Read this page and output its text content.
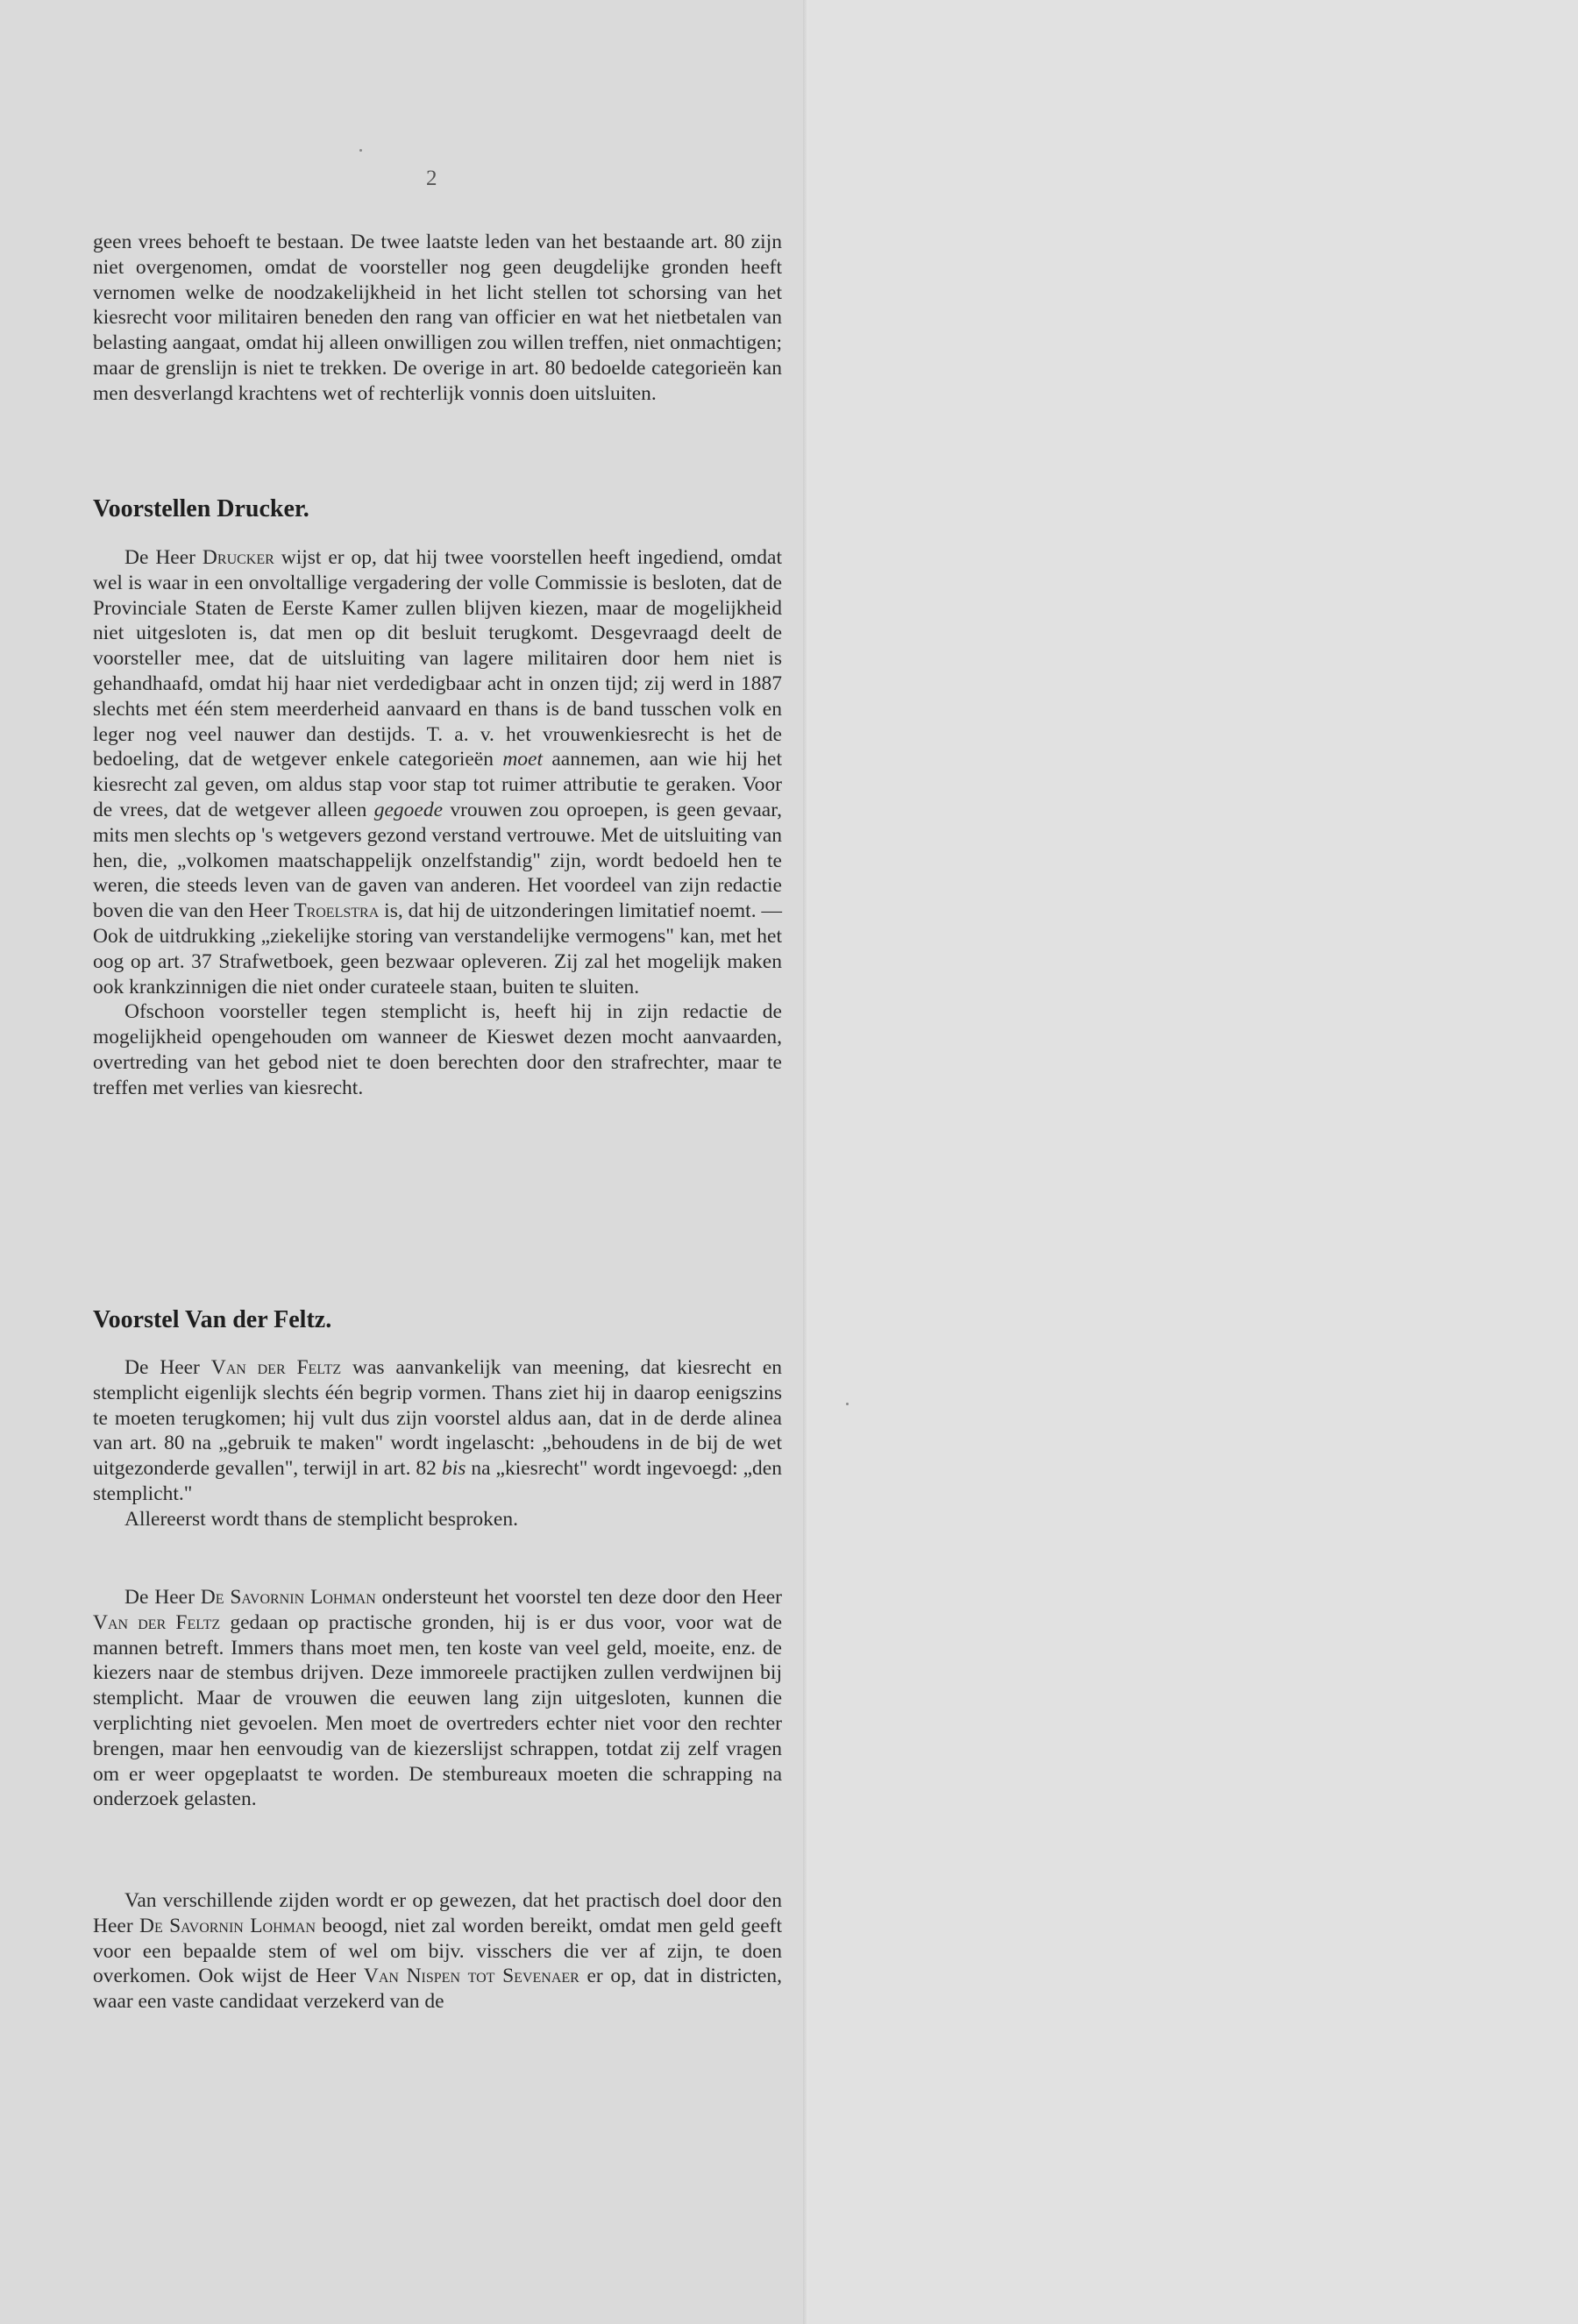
2

geen vrees behoeft te bestaan. De twee laatste leden van het bestaande art. 80 zijn niet overgenomen, omdat de voorsteller nog geen deugdelijke gronden heeft vernomen welke de noodzakelijkheid in het licht stellen tot schorsing van het kiesrecht voor militairen beneden den rang van officier en wat het nietbetalen van belasting aangaat, omdat hij alleen onwilligen zou willen treffen, niet onmachtigen; maar de grenslijn is niet te trekken. De overige in art. 80 bedoelde categorieën kan men desverlangd krachtens wet of rechterlijk vonnis doen uitsluiten.

Voorstellen Drucker.

De Heer Drucker wijst er op, dat hij twee voorstellen heeft ingediend, omdat wel is waar in een onvoltallige vergadering der volle Commissie is besloten, dat de Provinciale Staten de Eerste Kamer zullen blijven kiezen, maar de mogelijkheid niet uitgesloten is, dat men op dit besluit terugkomt. Desgevraagd deelt de voorsteller mee, dat de uitsluiting van lagere militairen door hem niet is gehandhaafd, omdat hij haar niet verdedigbaar acht in onzen tijd; zij werd in 1887 slechts met één stem meerderheid aanvaard en thans is de band tusschen volk en leger nog veel nauwer dan destijds. T. a. v. het vrouwenkiesrecht is het de bedoeling, dat de wetgever enkele categorieën moet aannemen, aan wie hij het kiesrecht zal geven, om aldus stap voor stap tot ruimer attributie te geraken. Voor de vrees, dat de wetgever alleen gegoede vrouwen zou oproepen, is geen gevaar, mits men slechts op 's wetgevers gezond verstand vertrouwe. Met de uitsluiting van hen, die, „volkomen maatschappelijk onzelfstandig" zijn, wordt bedoeld hen te weren, die steeds leven van de gaven van anderen. Het voordeel van zijn redactie boven die van den Heer Troelstra is, dat hij de uitzonderingen limitatief noemt. — Ook de uitdrukking „ziekelijke storing van verstandelijke vermogens" kan, met het oog op art. 37 Strafwetboek, geen bezwaar opleveren. Zij zal het mogelijk maken ook krankzinnigen die niet onder curateele staan, buiten te sluiten.

Ofschoon voorsteller tegen stemplicht is, heeft hij in zijn redactie de mogelijkheid opengehouden om wanneer de Kieswet dezen mocht aanvaarden, overtreding van het gebod niet te doen berechten door den strafrechter, maar te treffen met verlies van kiesrecht.

Voorstel Van der Feltz.

De Heer Van der Feltz was aanvankelijk van meening, dat kiesrecht en stemplicht eigenlijk slechts één begrip vormen. Thans ziet hij in daarop eenigszins te moeten terugkomen; hij vult dus zijn voorstel aldus aan, dat in de derde alinea van art. 80 na „gebruik te maken" wordt ingelascht: „behoudens in de bij de wet uitgezonderde gevallen", terwijl in art. 82 bis na „kiesrecht" wordt ingevoegd: „den stemplicht."

Allereerst wordt thans de stemplicht besproken.

De Heer De Savornin Lohman ondersteunt het voorstel ten deze door den Heer Van der Feltz gedaan op practische gronden, hij is er dus voor, voor wat de mannen betreft. Immers thans moet men, ten koste van veel geld, moeite, enz. de kiezers naar de stembus drijven. Deze immoreele practijken zullen verdwijnen bij stemplicht. Maar de vrouwen die eeuwen lang zijn uitgesloten, kunnen die verplichting niet gevoelen. Men moet de overtreders echter niet voor den rechter brengen, maar hen eenvoudig van de kiezerslijst schrappen, totdat zij zelf vragen om er weer opgeplaatst te worden. De stembureaux moeten die schrapping na onderzoek gelasten.

Van verschillende zijden wordt er op gewezen, dat het practisch doel door den Heer De Savornin Lohman beoogd, niet zal worden bereikt, omdat men geld geeft voor een bepaalde stem of wel om bijv. visschers die ver af zijn, te doen overkomen. Ook wijst de Heer Van Nispen tot Sevenaer er op, dat in districten, waar een vaste candidaat verzekerd van de
